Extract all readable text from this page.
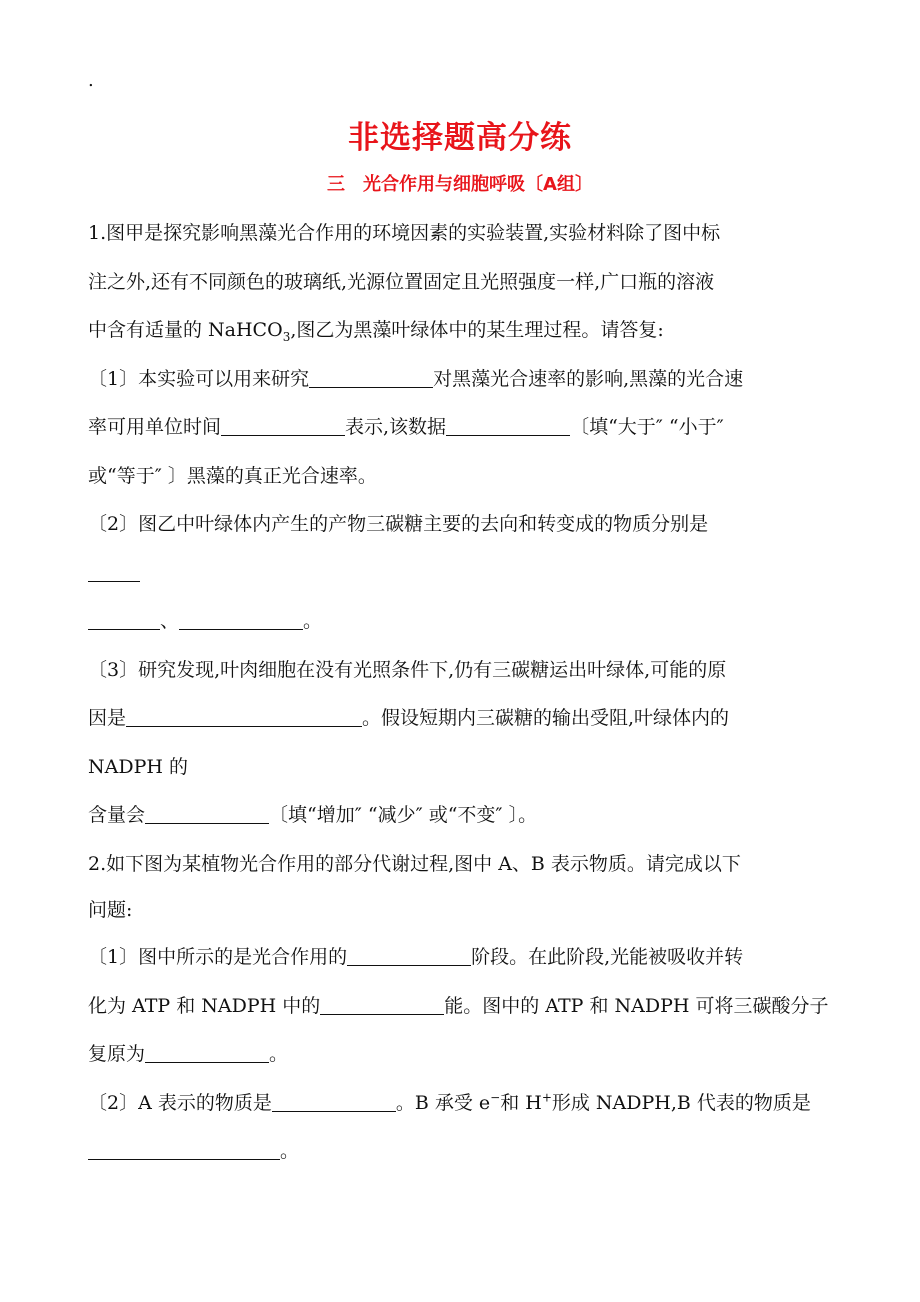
.
非选择题高分练
三　光合作用与细胞呼吸〔A组〕
1.图甲是探究影响黑藻光合作用的环境因素的实验装置,实验材料除了图中标
注之外,还有不同颜色的玻璃纸,光源位置固定且光照强度一样,广口瓶的溶液
中含有适量的 NaHCO$_3$,图乙为黑藻叶绿体中的某生理过程。请答复:
〔1〕本实验可以用来研究	对黑藻光合速率的影响,黑藻的光合速
率可用单位时间	表示,该数据	〔填“大于″ “小于″
或“等于″ 〕黑藻的真正光合速率。
〔2〕图乙中叶绿体内产生的产物三碳糖主要的去向和转变成的物质分别是
、	。
〔3〕研究发现,叶肉细胞在没有光照条件下,仍有三碳糖运出叶绿体,可能的原
因是	。假设短期内三碳糖的输出受阻,叶绿体内的
NADPH 的
含量会	〔填“增加″ “减少″ 或“不变″ 〕。
2.如下图为某植物光合作用的部分代谢过程,图中 A、B 表示物质。请完成以下
问题:
〔1〕图中所示的是光合作用的	阶段。在此阶段,光能被吸收并转
化为 ATP 和 NADPH 中的	能。图中的 ATP 和 NADPH 可将三碳酸分子
复原为	。
〔2〕A 表示的物质是	。B 承受 e−和 H+形成 NADPH,B 代表的物质是
。
